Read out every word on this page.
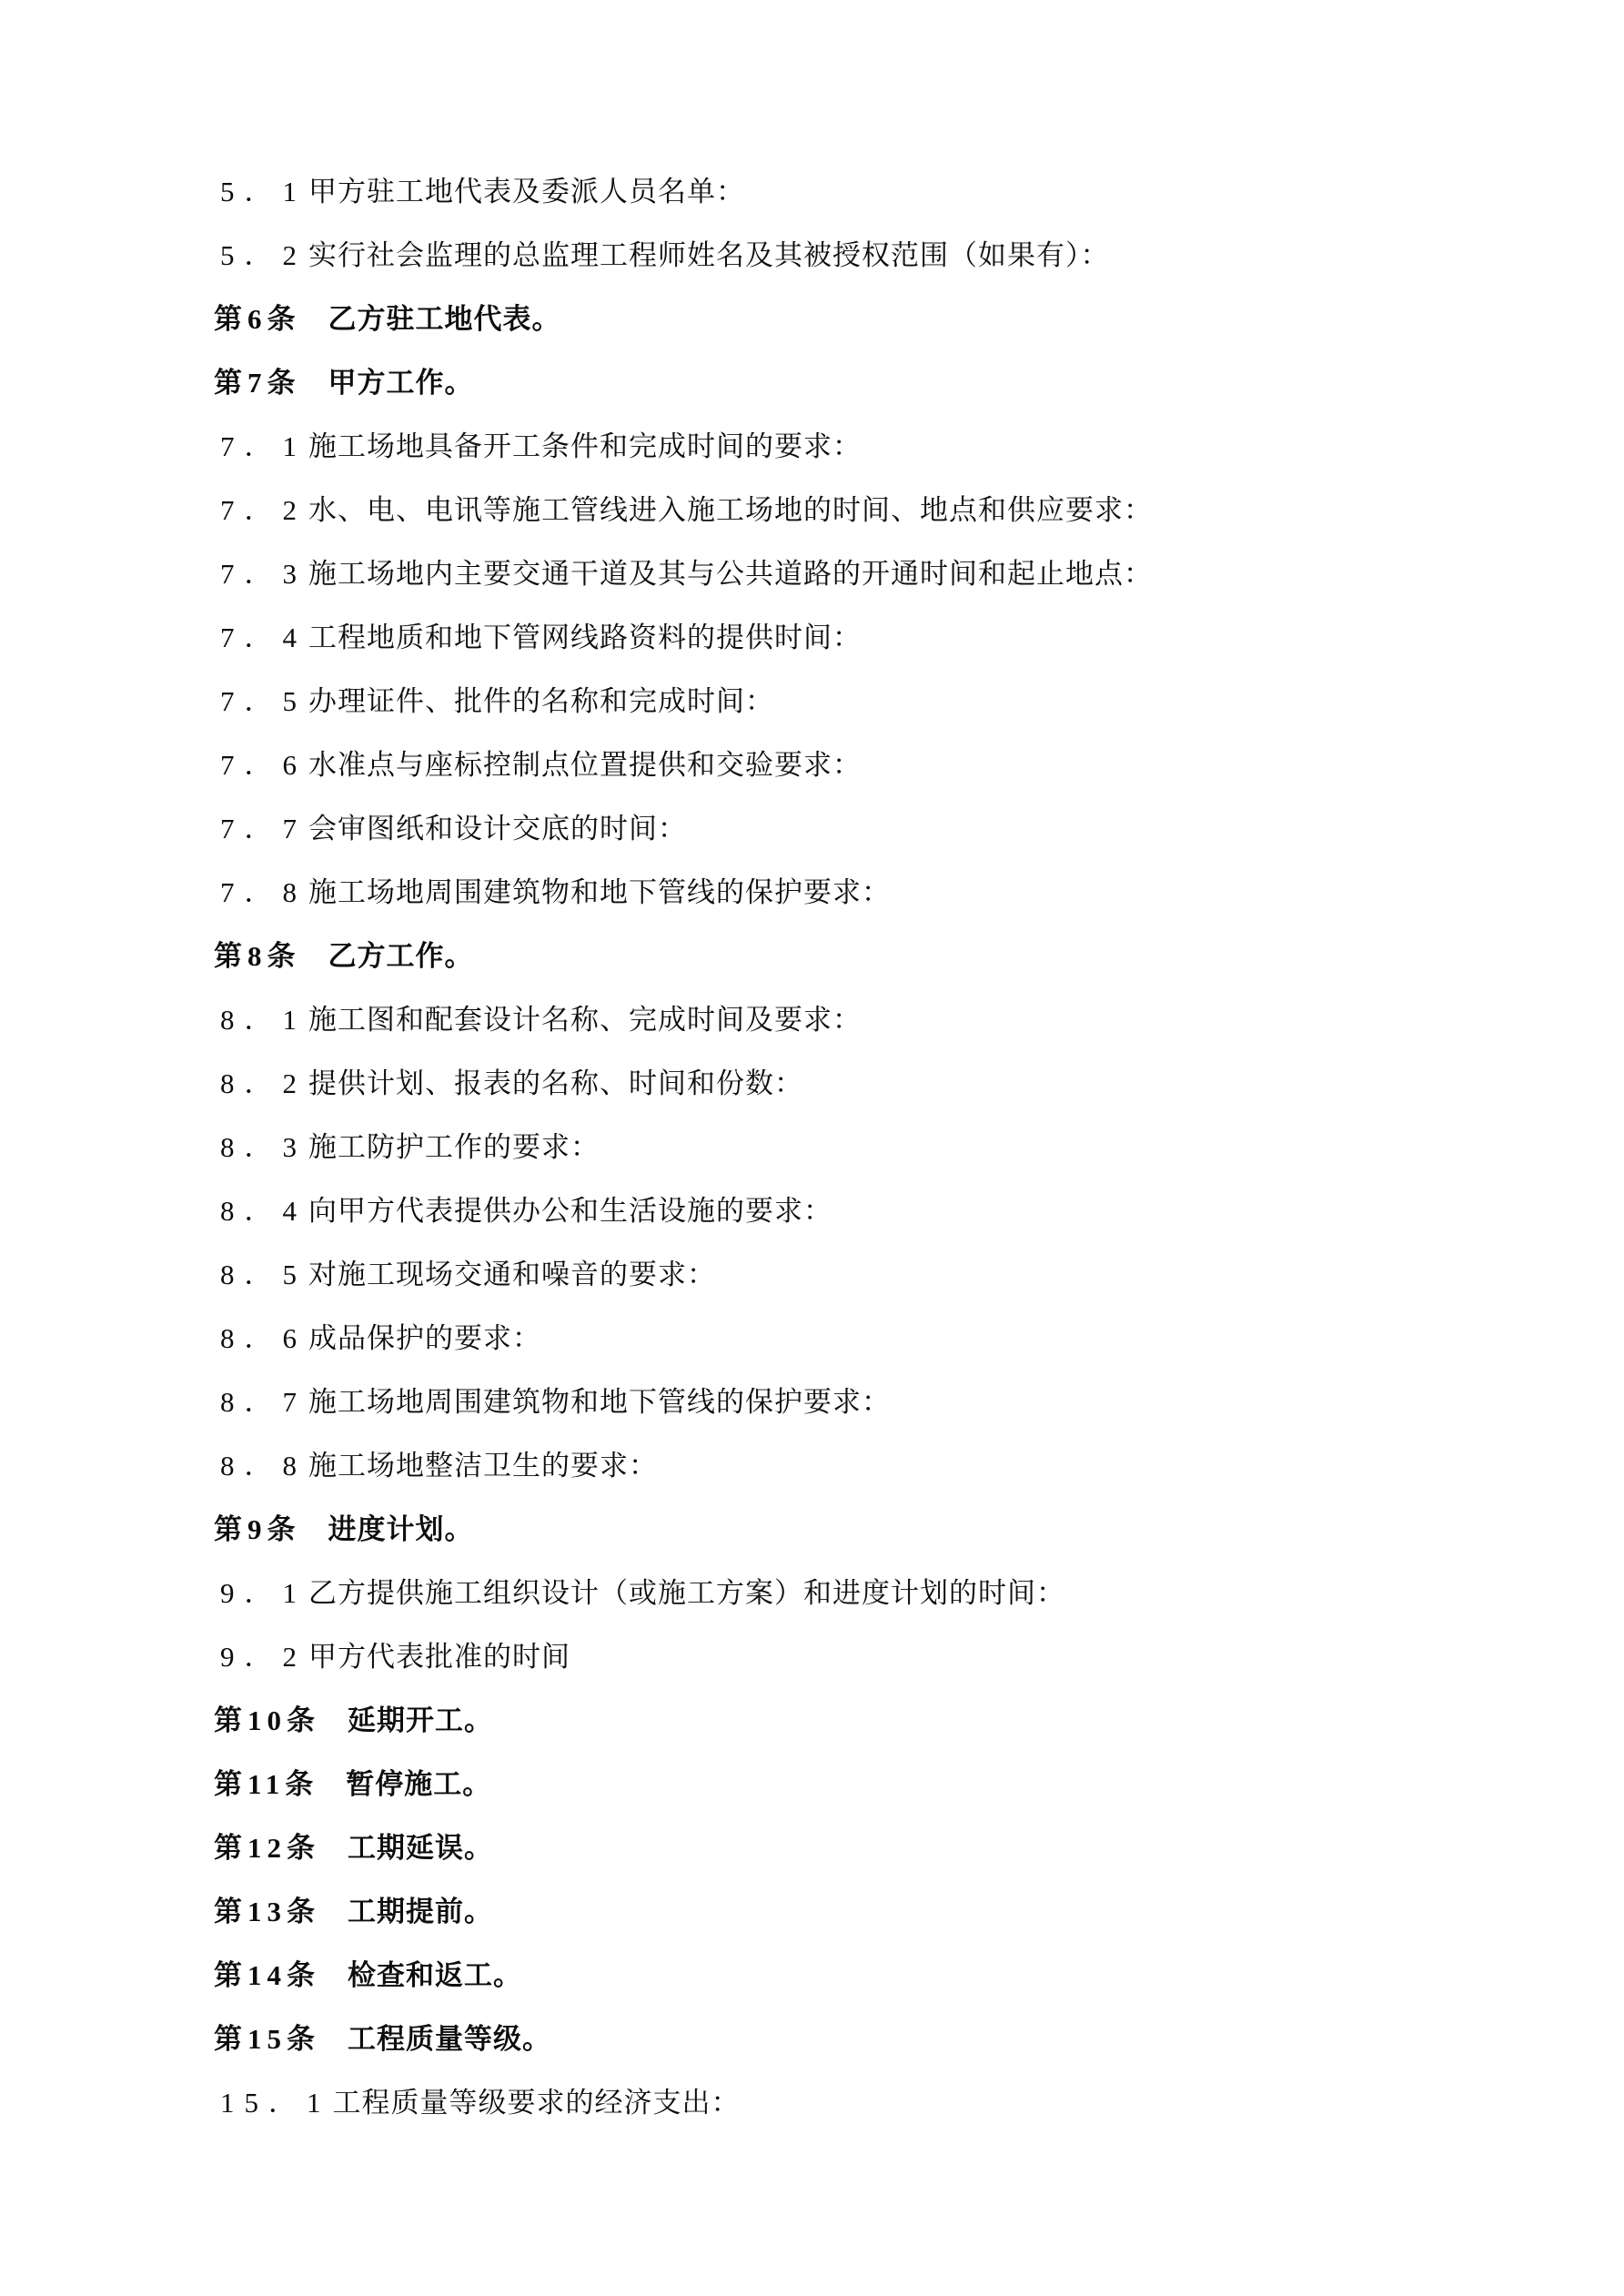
5．1甲方驻工地代表及委派人员名单：
5．2实行社会监理的总监理工程师姓名及其被授权范围（如果有）：
第6条 乙方驻工地代表。
第7条 甲方工作。
7．1施工场地具备开工条件和完成时间的要求：
7．2水、电、电讯等施工管线进入施工场地的时间、地点和供应要求：
7．3施工场地内主要交通干道及其与公共道路的开通时间和起止地点：
7．4工程地质和地下管网线路资料的提供时间：
7．5办理证件、批件的名称和完成时间：
7．6水准点与座标控制点位置提供和交验要求：
7．7会审图纸和设计交底的时间：
7．8施工场地周围建筑物和地下管线的保护要求：
第8条 乙方工作。
8．1施工图和配套设计名称、完成时间及要求：
8．2提供计划、报表的名称、时间和份数：
8．3施工防护工作的要求：
8．4向甲方代表提供办公和生活设施的要求：
8．5对施工现场交通和噪音的要求：
8．6成品保护的要求：
8．7施工场地周围建筑物和地下管线的保护要求：
8．8施工场地整洁卫生的要求：
第9条 进度计划。
9．1乙方提供施工组织设计（或施工方案）和进度计划的时间：
9．2甲方代表批准的时间
第10条 延期开工。
第11条 暂停施工。
第12条 工期延误。
第13条 工期提前。
第14条 检查和返工。
第15条 工程质量等级。
15．1工程质量等级要求的经济支出：
